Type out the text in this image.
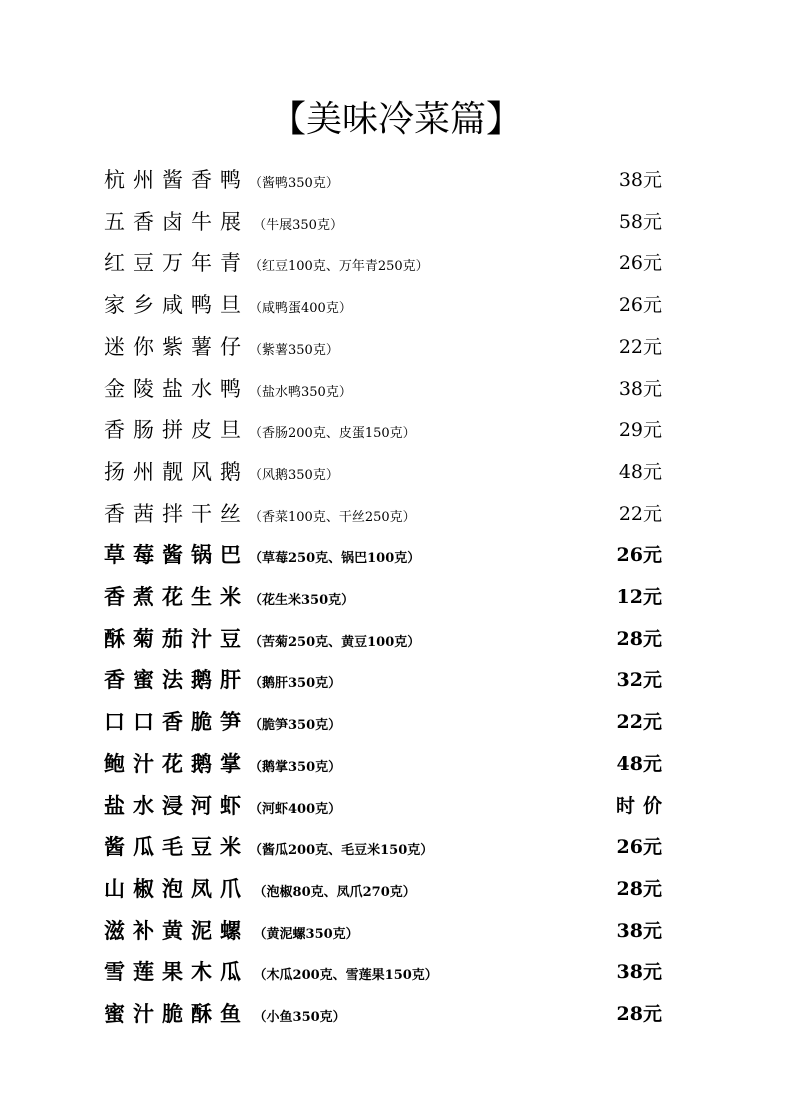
【美味冷菜篇】
杭州酱香鸭（酱鸭350克）	38元
五香卤牛展 （牛展350克）	58元
红豆万年青（红豆100克、万年青250克）	26元
家乡咸鸭旦（咸鸭蛋400克）	26元
迷你紫薯仔（紫薯350克）	22元
金陵盐水鸭（盐水鸭350克）	38元
香肠拼皮旦（香肠200克、皮蛋150克）	29元
扬州靓风鹅（风鹅350克）	48元
香茜拌干丝（香菜100克、干丝250克）	22元
草莓酱锅巴（草莓250克、锅巴100克）	26元
香煮花生米（花生米350克）	12元
酥菊茄汁豆（苦菊250克、黄豆100克）	28元
香蜜法鹅肝（鹅肝350克）	32元
口口香脆笋（脆笋350克）	22元
鲍汁花鹅掌（鹅掌350克）	48元
盐水浸河虾（河虾400克）	时价
酱瓜毛豆米（酱瓜200克、毛豆米150克）	26元
山椒泡凤爪 （泡椒80克、凤爪270克）	28元
滋补黄泥螺 （黄泥螺350克）	38元
雪莲果木瓜 （木瓜200克、雪莲果150克）	38元
蜜汁脆酥鱼 （小鱼350克）	28元
